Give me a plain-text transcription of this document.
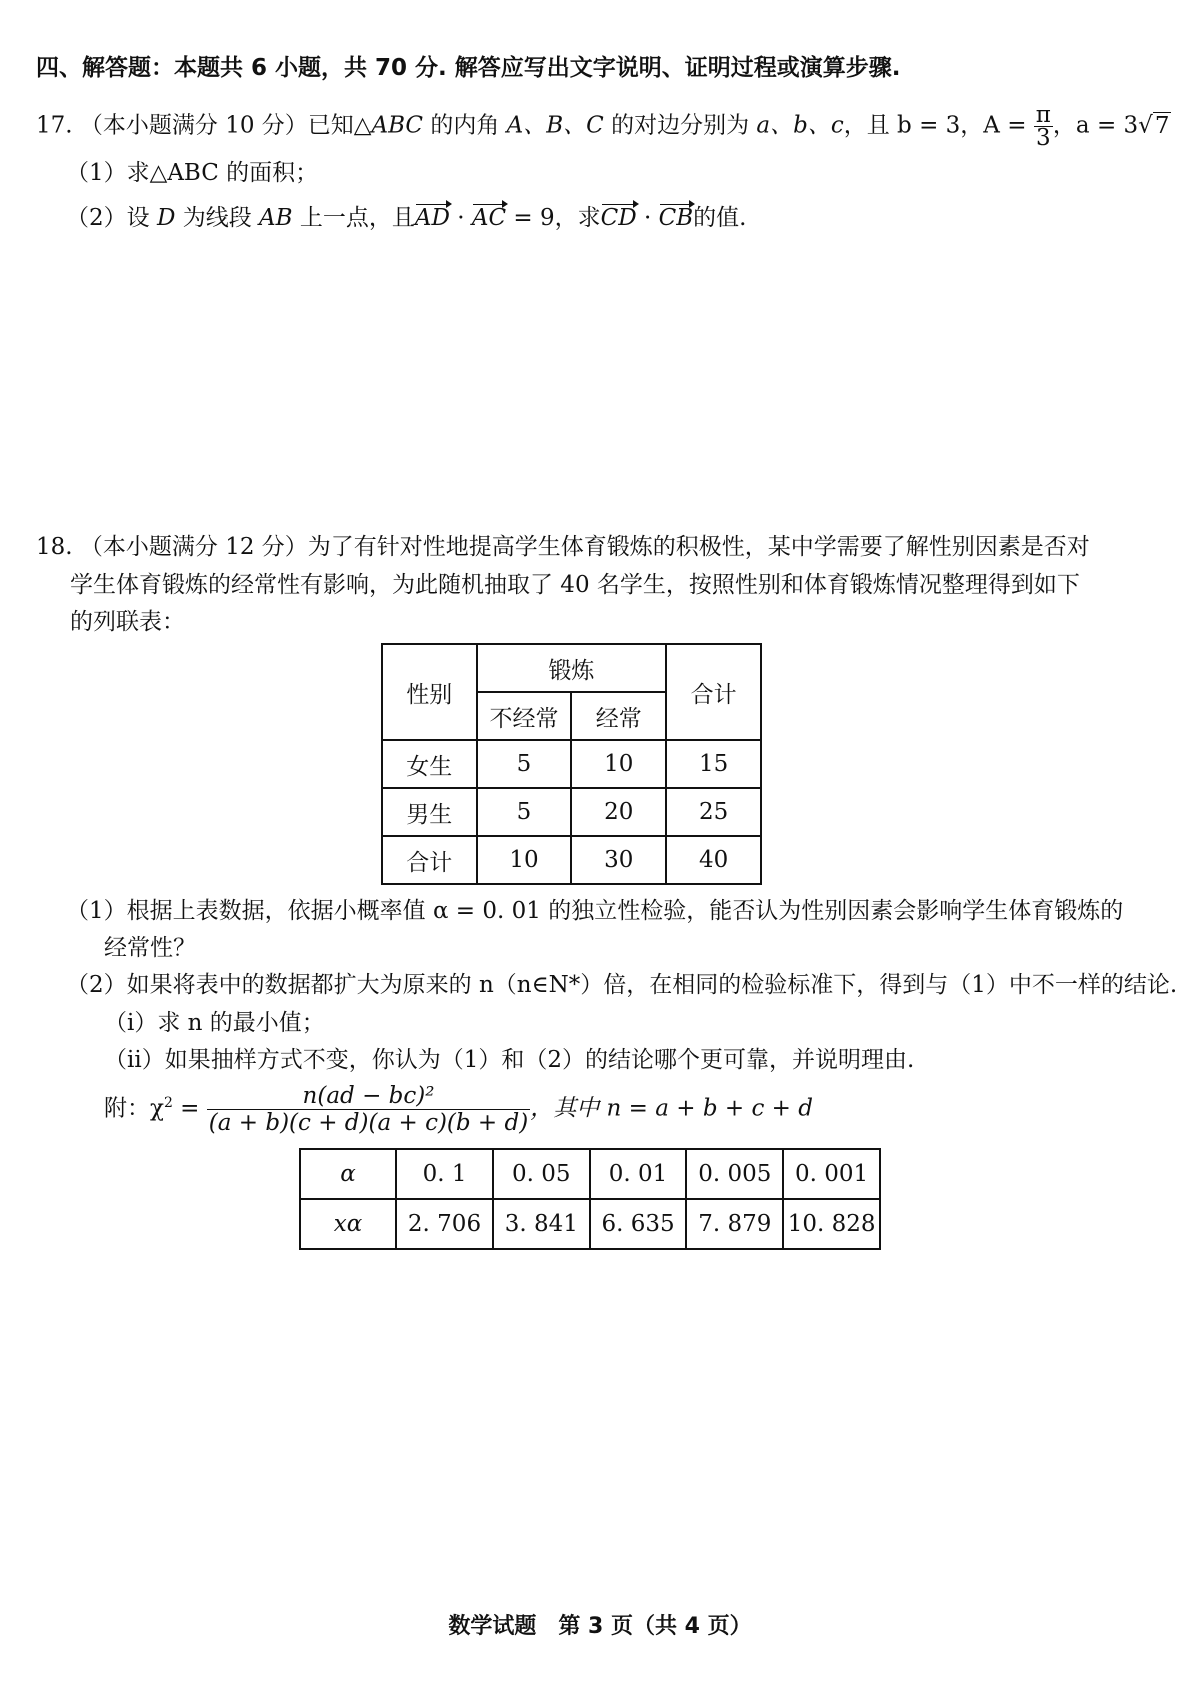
四、解答题：本题共 6 小题，共 70 分. 解答应写出文字说明、证明过程或演算步骤.
17. （本小题满分 10 分）已知△ABC 的内角 A、B、C 的对边分别为 a、b、c，且 b = 3，$A = \frac{\pi}{3}$ ，a = 3√7
（1）求△ABC 的面积；
（2）设 D 为线段 AB 上一点，且AD · AC = 9，求CD · CB的值.
18. （本小题满分 12 分）为了有针对性地提高学生体育锻炼的积极性，某中学需要了解性别因素是否对
学生体育锻炼的经常性有影响，为此随机抽取了 40 名学生，按照性别和体育锻炼情况整理得到如下
的列联表：
性别	锻炼		合计
	不经常	经常	
女生	5	10	15
男生	5	20	25
合计	10	30	40
（1）根据上表数据，依据小概率值 α = 0. 01 的独立性检验，能否认为性别因素会影响学生体育锻炼的
经常性？
（2）如果将表中的数据都扩大为原来的 n（n∈N*）倍，在相同的检验标准下，得到与（1）中不一样的结论.
（ⅰ）求 n 的最小值；
（ⅱ）如果抽样方式不变，你认为（1）和（2）的结论哪个更可靠，并说明理由.
附：$\chi^2 = \frac{\text{n(ad − bc)²}}{(a + b)(c + d)(a + c)(b + d)}$ ，其中 n = a + b + c + d
α	0. 1	0. 05	0. 01	0. 005	0. 001
xα	2. 706	3. 841	6. 635	7. 879	10. 828
数学试题　第 3 页（共 4 页）
